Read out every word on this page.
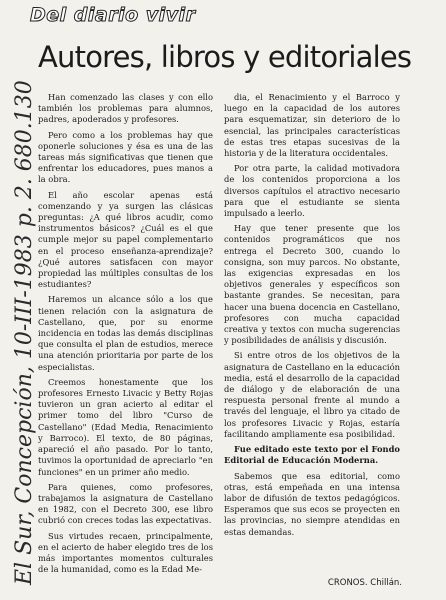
Del diario vivir
Autores, libros y editoriales
El Sur, Concepción, 10-III-1983 p. 2. 680.130	Han comenzado las clases y con ello también los problemas para alumnos, padres, apoderados y profesores.

Pero como a los problemas hay que oponerle soluciones y ésa es una de las tareas más significativas que tienen que enfrentar los educadores, pues manos a la obra.

El año escolar apenas está comenzando y ya surgen las clásicas preguntas: ¿A qué libros acudir, como instrumentos básicos? ¿Cuál es el que cumple mejor su papel complementario en el proceso enseñanza-aprendizaje? ¿Qué autores satisfacen con mayor propiedad las múltiples consultas de los estudiantes?

Haremos un alcance sólo a los que tienen relación con la asignatura de Castellano, que, por su enorme incidencia en todas las demás disciplinas que consulta el plan de estudios, merece una atención prioritaria por parte de los especialistas.

Creemos honestamente que los profesores Ernesto Livacic y Betty Rojas tuvieron un gran acierto al editar el primer tomo del libro "Curso de Castellano" (Edad Media, Renacimiento y Barroco). El texto, de 80 páginas, apareció el año pasado. Por lo tanto, tuvimos la oportunidad de apreciarlo "en funciones" en un primer año medio.

Para quienes, como profesores, trabajamos la asignatura de Castellano en 1982, con el Decreto 300, ese libro cubrió con creces todas las expectativas.

Sus virtudes recaen, principalmente, en el acierto de haber elegido tres de los más importantes momentos culturales de la humanidad, como es la Edad Me-

dia, el Renacimiento y el Barroco y luego en la capacidad de los autores para esquematizar, sin deterioro de lo esencial, las principales características de estas tres etapas sucesivas de la historia y de la literatura occidentales.

Por otra parte, la calidad motivadora de los contenidos proporciona a los diversos capítulos el atractivo necesario para que el estudiante se sienta impulsado a leerlo.

Hay que tener presente que los contenidos programáticos que nos entrega el Decreto 300, cuando lo consigna, son muy parcos. No obstante, las exigencias expresadas en los objetivos generales y específicos son bastante grandes. Se necesitan, para hacer una buena docencia en Castellano, profesores con mucha capacidad creativa y textos con mucha sugerencias y posibilidades de análisis y discusión.

Si entre otros de los objetivos de la asignatura de Castellano en la educación media, está el desarrollo de la capacidad de diálogo y de elaboración de una respuesta personal frente al mundo a través del lenguaje, el libro ya citado de los profesores Livacic y Rojas, estaría facilitando ampliamente esa posibilidad.

Fue editado este texto por el Fondo Editorial de Educación Moderna.

Sabemos que esa editorial, como otras, está empeñada en una intensa labor de difusión de textos pedagógicos. Esperamos que sus ecos se proyecten en las provincias, no siempre atendidas en estas demandas.

CRONOS. Chillán.
